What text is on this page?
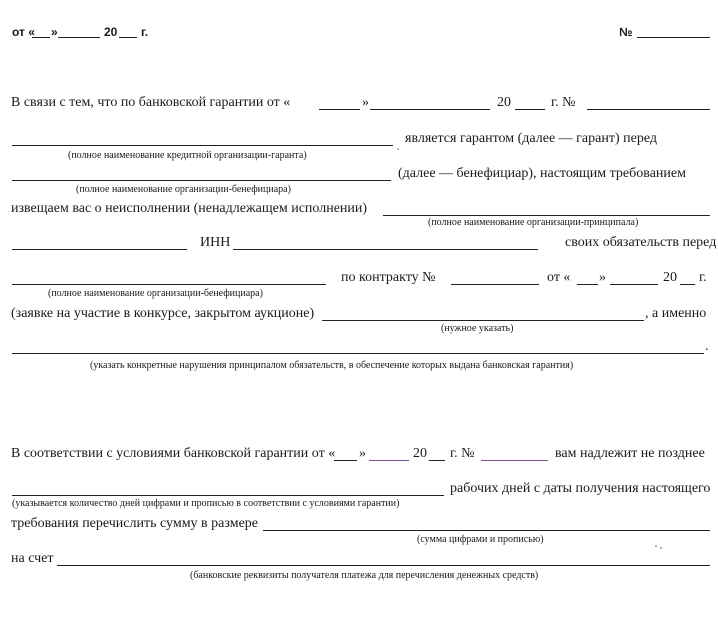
от « »	20 г.	№
В связи с тем, что по банковской гарантии от «	»	20	г. №
является гарантом (далее — гарант) перед
(полное наименование кредитной организации-гаранта)
(далее — бенефициар), настоящим требованием
(полное наименование организации-бенефициара)
извещаем вас о неисполнении (ненадлежащем исполнении)
(полное наименование организации-принципала)
ИНН	своих обязательств перед
по контракту №	от « »	20 г.
(полное наименование организации-бенефициара)
(заявке на участие в конкурсе, закрытом аукционе)	, а именно
(нужное указать)
.
(указать конкретные нарушения принципалом обязательств, в обеспечение которых выдана банковская гарантия)
В соответствии с условиями банковской гарантии от « »	20 г. №	вам надлежит не позднее
рабочих дней с даты получения настоящего
(указывается количество дней цифрами и прописью в соответствии с условиями гарантии)
требования перечислить сумму в размере
(сумма цифрами и прописью)
на счет
(банковские реквизиты получателя платежа для перечисления денежных средств)
